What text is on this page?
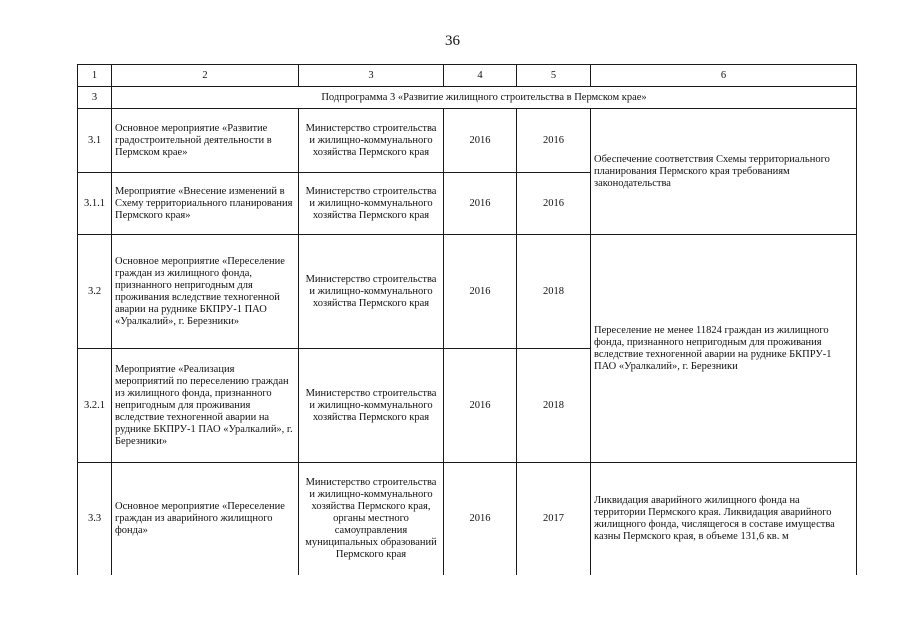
36
1	2	3	4	5	6
3	Подпрограмма 3 «Развитие жилищного строительства в Пермском крае»				
3.1	Основное мероприятие «Развитие градостроительной деятельности в Пермском крае»	Министерство строительства и жилищно-коммунального хозяйства Пермского края	2016	2016	Обеспечение соответствия Схемы территориального планирования Пермского края требованиям законодательства
3.1.1	Мероприятие «Внесение изменений в Схему территориального планирования Пермского края»	Министерство строительства и жилищно-коммунального хозяйства Пермского края	2016	2016	
3.2	Основное мероприятие «Переселение граждан из жилищного фонда, признанного непригодным для проживания вследствие техногенной аварии на руднике БКПРУ-1 ПАО «Уралкалий», г. Березники»	Министерство строительства и жилищно-коммунального хозяйства Пермского края	2016	2018	Переселение не менее 11824 граждан из жилищного фонда, признанного непригодным для проживания вследствие техногенной аварии на руднике БКПРУ-1 ПАО «Уралкалий», г. Березники
3.2.1	Мероприятие «Реализация мероприятий по переселению граждан из жилищного фонда, признанного непригодным для проживания вследствие техногенной аварии на руднике БКПРУ-1 ПАО «Уралкалий», г. Березники»	Министерство строительства и жилищно-коммунального хозяйства Пермского края	2016	2018	
3.3	Основное мероприятие «Переселение граждан из аварийного жилищного фонда»	Министерство строительства и жилищно-коммунального хозяйства Пермского края, органы местного самоуправления муниципальных образований Пермского края	2016	2017	Ликвидация аварийного жилищного фонда на территории Пермского края. Ликвидация аварийного жилищного фонда, числящегося в составе имущества казны Пермского края, в объеме 131,6 кв. м
